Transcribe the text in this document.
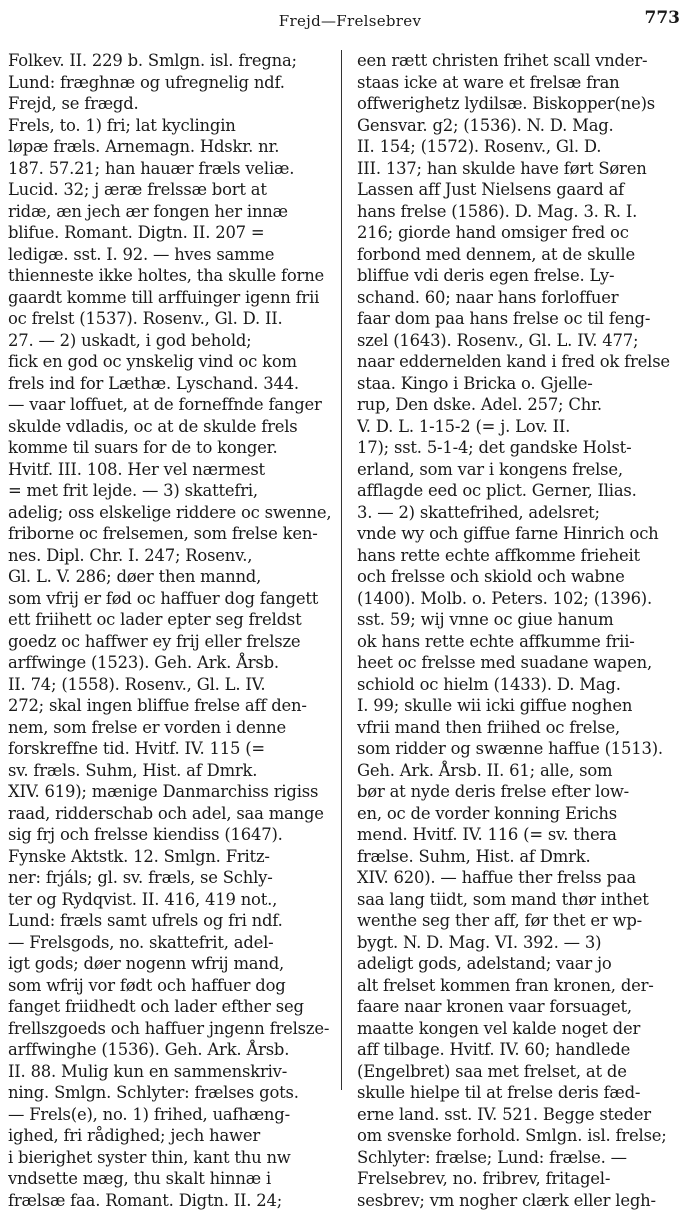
Frejd—Frelsebrev	773
Folkev. II. 229 b. Smlgn. isl. fregna;
Lund: fræghnæ og ufregnelig ndf.
Frejd, se frægd.
Frels, to. 1) fri; lat kyclingin
løpæ fræls. Arnemagn. Hdskr. nr.
187. 57.21; han hauær fræls veliæ.
Lucid. 32; j æræ frelssæ bort at
ridæ, æn jech ær fongen her innæ
blifue. Romant. Digtn. II. 207 =
ledigæ. sst. I. 92. — hves samme
thienneste ikke holtes, tha skulle forne
gaardt komme till arffuinger igenn frii
oc frelst (1537). Rosenv., Gl. D. II.
27. — 2) uskadt, i god behold;
fick en god oc ynskelig vind oc kom
frels ind for Læthæ. Lyschand. 344.
— vaar loffuet, at de forneffnde fanger
skulde vdladis, oc at de skulde frels
komme til suars for de to konger.
Hvitf. III. 108. Her vel nærmest
= met frit lejde. — 3) skattefri,
adelig; oss elskelige riddere oc swenne,
friborne oc frelsemen, som frelse ken-
nes. Dipl. Chr. I. 247; Rosenv.,
Gl. L. V. 286; døer then mannd,
som vfrij er fød oc haffuer dog fangett
ett friihett oc lader epter seg freldst
goedz oc haffwer ey frij eller frelsze
arffwinge (1523). Geh. Ark. Årsb.
II. 74; (1558). Rosenv., Gl. L. IV.
272; skal ingen bliffue frelse aff den-
nem, som frelse er vorden i denne
forskreffne tid. Hvitf. IV. 115 (=
sv. fræls. Suhm, Hist. af Dmrk.
XIV. 619); mænige Danmarchiss rigiss
raad, ridderschab och adel, saa mange
sig frj och frelsse kiendiss (1647).
Fynske Aktstk. 12. Smlgn. Fritz-
ner: frjáls; gl. sv. fræls, se Schly-
ter og Rydqvist. II. 416, 419 not.,
Lund: fræls samt ufrels og fri ndf.
— Frelsgods, no. skattefrit, adel-
igt gods; døer nogenn wfrij mand,
som wfrij vor født och haffuer dog
fanget friidhedt och lader efther seg
frellszgoeds och haffuer jngenn frelsze-
arffwinghe (1536). Geh. Ark. Årsb.
II. 88. Mulig kun en sammenskriv-
ning. Smlgn. Schlyter: frælses gots.
— Frels(e), no. 1) frihed, uafhæng-
ighed, fri rådighed; jech hawer
i bierighet syster thin, kant thu nw
vndsette mæg, thu skalt hinnæ i
frælsæ faa. Romant. Digtn. II. 24;
een rætt christen frihet scall vnder-
staas icke at ware et frelsæ fran
offwerighetz lydilsæ. Biskopper(ne)s
Gensvar. g2; (1536). N. D. Mag.
II. 154; (1572). Rosenv., Gl. D.
III. 137; han skulde have ført Søren
Lassen aff Just Nielsens gaard af
hans frelse (1586). D. Mag. 3. R. I.
216; giorde hand omsiger fred oc
forbond med dennem, at de skulle
bliffue vdi deris egen frelse. Ly-
schand. 60; naar hans forloffuer
faar dom paa hans frelse oc til feng-
szel (1643). Rosenv., Gl. L. IV. 477;
naar eddernelden kand i fred ok frelse
staa. Kingo i Bricka o. Gjelle-
rup, Den dske. Adel. 257; Chr.
V. D. L. 1-15-2 (= j. Lov. II.
17); sst. 5-1-4; det gandske Holst-
erland, som var i kongens frelse,
afflagde eed oc plict. Gerner, Ilias.
3. — 2) skattefrihed, adelsret;
vnde wy och giffue farne Hinrich och
hans rette echte affkomme frieheit
och frelsse och skiold och wabne
(1400). Molb. o. Peters. 102; (1396).
sst. 59; wij vnne oc giue hanum
ok hans rette echte affkumme frii-
heet oc frelsse med suadane wapen,
schiold oc hielm (1433). D. Mag.
I. 99; skulle wii icki giffue noghen
vfrii mand then friihed oc frelse,
som ridder og swænne haffue (1513).
Geh. Ark. Årsb. II. 61; alle, som
bør at nyde deris frelse efter low-
en, oc de vorder konning Erichs
mend. Hvitf. IV. 116 (= sv. thera
frælse. Suhm, Hist. af Dmrk.
XIV. 620). — haffue ther frelss paa
saa lang tiidt, som mand thør inthet
wenthe seg ther aff, før thet er wp-
bygt. N. D. Mag. VI. 392. — 3)
adeligt gods, adelstand; vaar jo
alt frelset kommen fran kronen, der-
faare naar kronen vaar forsuaget,
maatte kongen vel kalde noget der
aff tilbage. Hvitf. IV. 60; handlede
(Engelbret) saa met frelset, at de
skulle hielpe til at frelse deris fæd-
erne land. sst. IV. 521. Begge steder
om svenske forhold. Smlgn. isl. frelse;
Schlyter: frælse; Lund: frælse. —
Frelsebrev, no. fribrev, fritagel-
sesbrev; vm nogher clærk eller legh-
